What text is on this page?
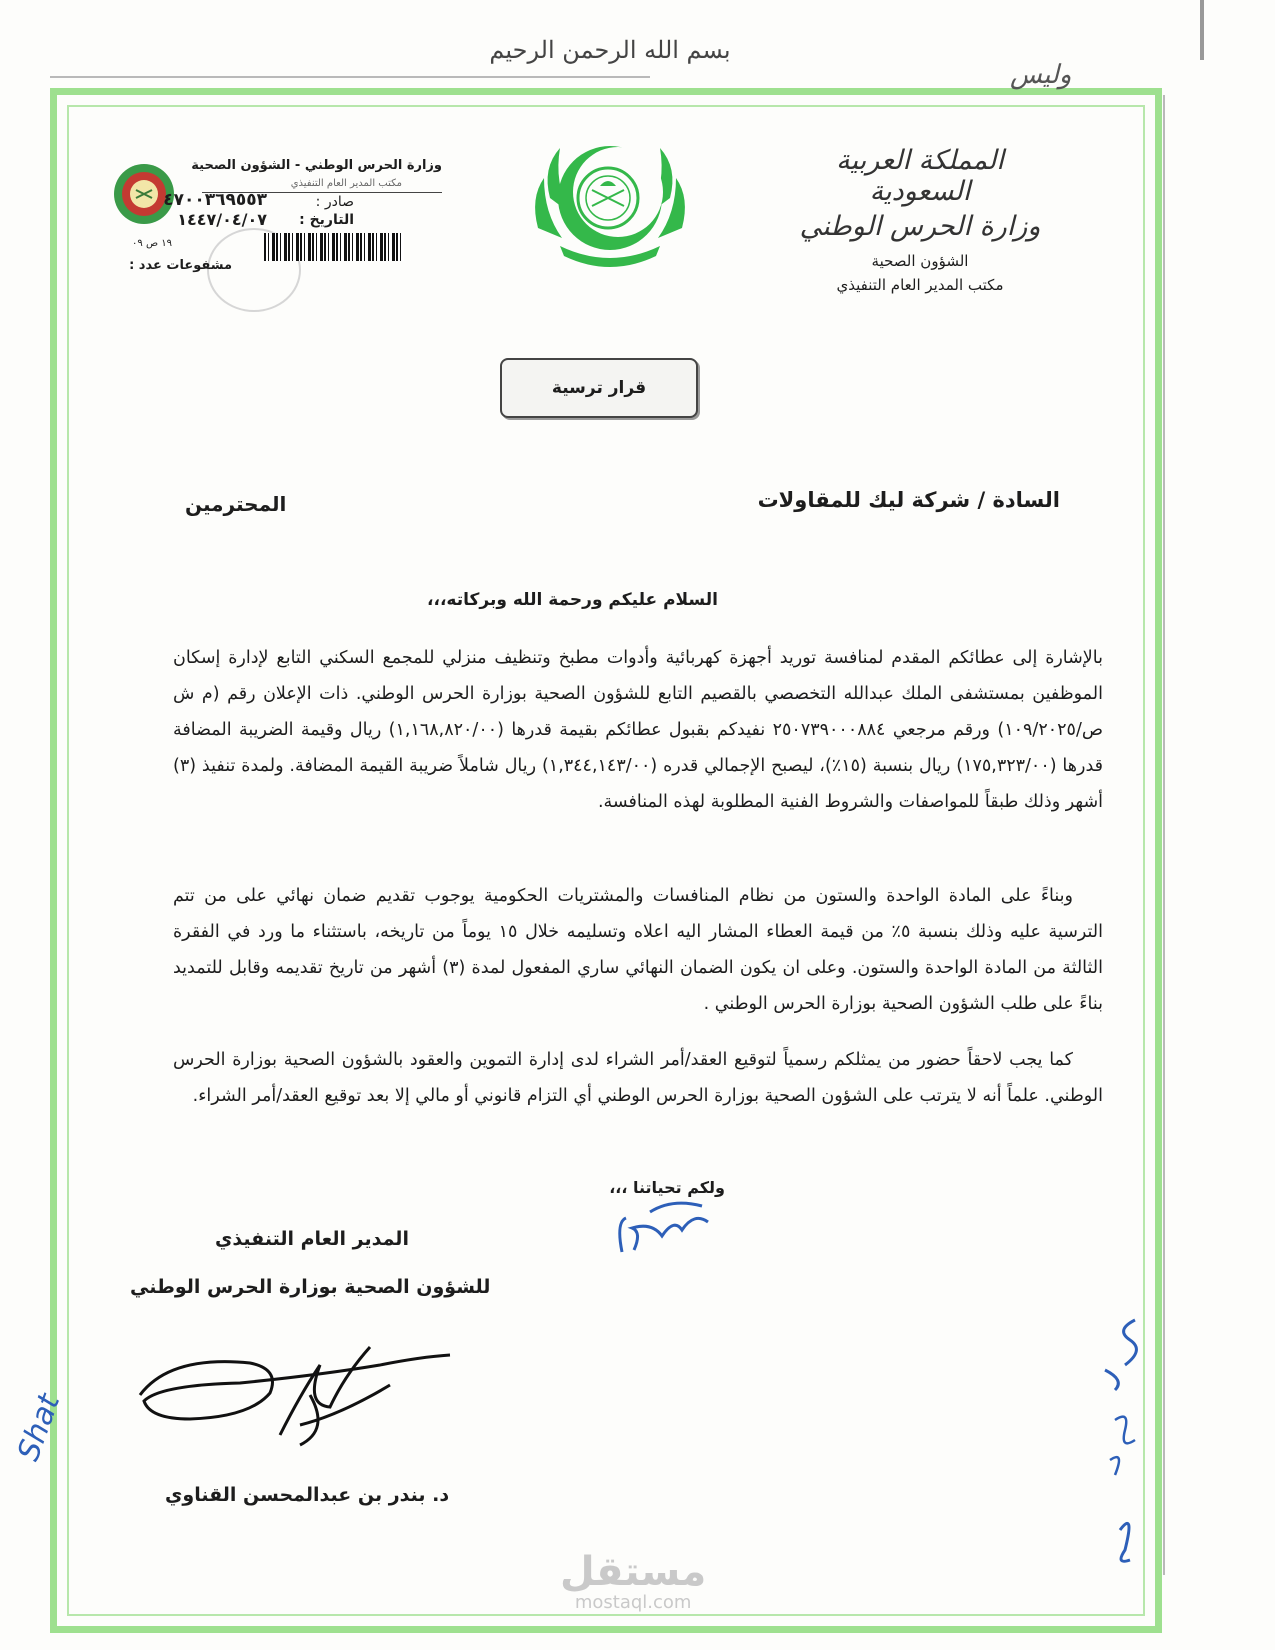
بسم الله الرحمن الرحيم
وليس
المملكة العربية السعودية
وزارة الحرس الوطني
الشؤون الصحية
مكتب المدير العام التنفيذي
وزارة الحرس الوطني - الشؤون الصحية
مكتب المدير العام التنفيذي
صادر :
٤٧٠٠٣٦٩٥٥٣
التاريخ :
١٤٤٧/٠٤/٠٧
١٩ ص ٠٩
مشفوعات عدد :
قرار ترسية
السادة / شركة ليك للمقاولات
المحترمين
السلام عليكم ورحمة الله وبركاته،،،
بالإشارة إلى عطائكم المقدم لمنافسة توريد أجهزة كهربائية وأدوات مطبخ وتنظيف منزلي للمجمع السكني التابع لإدارة إسكان الموظفين بمستشفى الملك عبدالله التخصصي بالقصيم التابع للشؤون الصحية بوزارة الحرس الوطني. ذات الإعلان رقم (م ش ص/١٠٩/٢٠٢٥) ورقم مرجعي ٢٥٠٧٣٩٠٠٠٨٨٤ نفيدكم بقبول عطائكم بقيمة قدرها (١,١٦٨,٨٢٠/٠٠) ريال وقيمة الضريبة المضافة قدرها (١٧٥,٣٢٣/٠٠) ريال بنسبة (١٥٪)، ليصبح الإجمالي قدره (١,٣٤٤,١٤٣/٠٠) ريال شاملاً ضريبة القيمة المضافة. ولمدة تنفيذ (٣) أشهر وذلك طبقاً للمواصفات والشروط الفنية المطلوبة لهذه المنافسة.
وبناءً على المادة الواحدة والستون من نظام المنافسات والمشتريات الحكومية يوجوب تقديم ضمان نهائي على من تتم الترسية عليه وذلك بنسبة ٥٪ من قيمة العطاء المشار اليه اعلاه وتسليمه خلال ١٥ يوماً من تاريخه، باستثناء ما ورد في الفقرة الثالثة من المادة الواحدة والستون. وعلى ان يكون الضمان النهائي ساري المفعول لمدة (٣) أشهر من تاريخ تقديمه وقابل للتمديد بناءً على طلب الشؤون الصحية بوزارة الحرس الوطني .
كما يجب لاحقاً حضور من يمثلكم رسمياً لتوقيع العقد/أمر الشراء لدى إدارة التموين والعقود بالشؤون الصحية بوزارة الحرس الوطني. علماً أنه لا يترتب على الشؤون الصحية بوزارة الحرس الوطني أي التزام قانوني أو مالي إلا بعد توقيع العقد/أمر الشراء.
ولكم تحياتنا ،،،
المدير العام التنفيذي
للشؤون الصحية بوزارة الحرس الوطني
د. بندر بن عبدالمحسن القناوي
Shat
مستقل
mostaql.com
